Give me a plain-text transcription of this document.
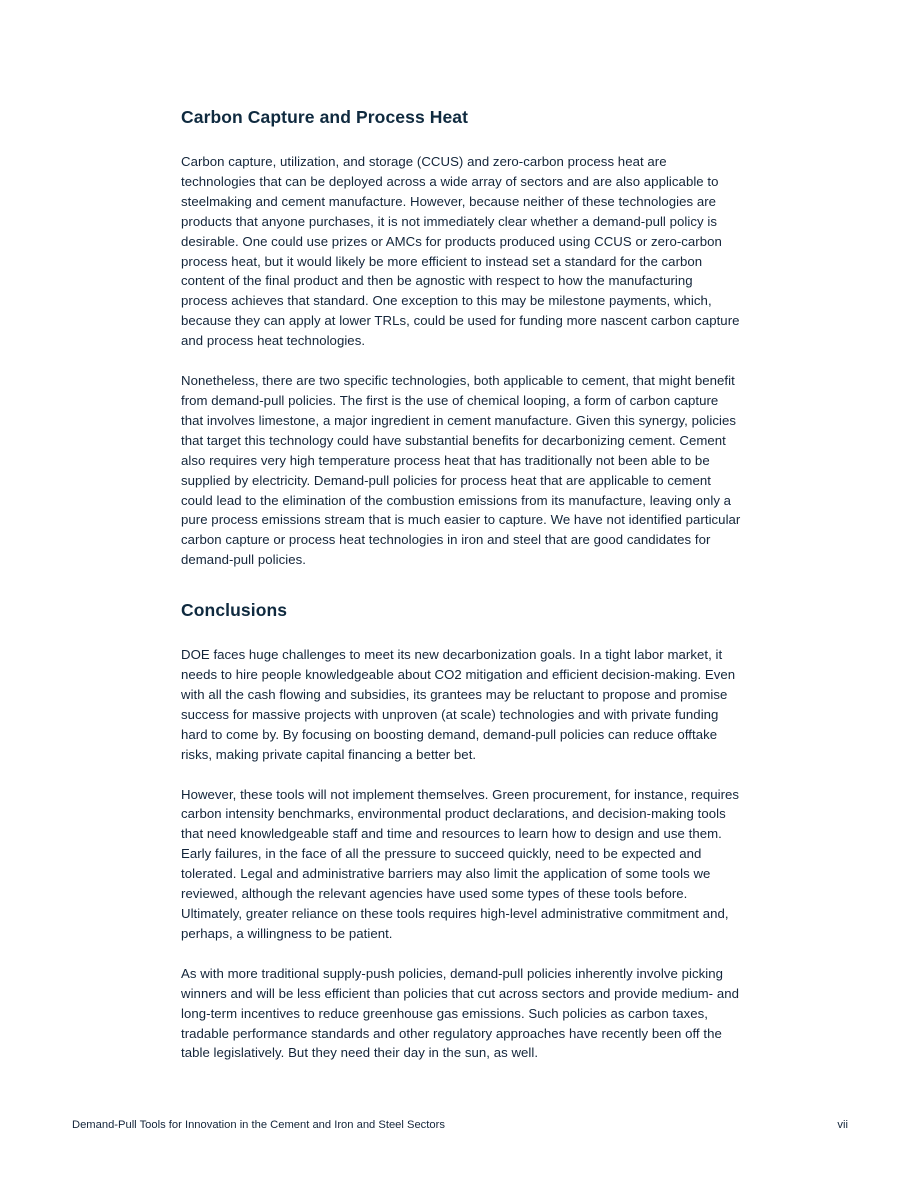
Carbon Capture and Process Heat

Carbon capture, utilization, and storage (CCUS) and zero-carbon process heat are technologies that can be deployed across a wide array of sectors and are also applicable to steelmaking and cement manufacture. However, because neither of these technologies are products that anyone purchases, it is not immediately clear whether a demand-pull policy is desirable. One could use prizes or AMCs for products produced using CCUS or zero-carbon process heat, but it would likely be more efficient to instead set a standard for the carbon content of the final product and then be agnostic with respect to how the manufacturing process achieves that standard. One exception to this may be milestone payments, which, because they can apply at lower TRLs, could be used for funding more nascent carbon capture and process heat technologies.

Nonetheless, there are two specific technologies, both applicable to cement, that might benefit from demand-pull policies. The first is the use of chemical looping, a form of carbon capture that involves limestone, a major ingredient in cement manufacture. Given this synergy, policies that target this technology could have substantial benefits for decarbonizing cement. Cement also requires very high temperature process heat that has traditionally not been able to be supplied by electricity. Demand-pull policies for process heat that are applicable to cement could lead to the elimination of the combustion emissions from its manufacture, leaving only a pure process emissions stream that is much easier to capture. We have not identified particular carbon capture or process heat technologies in iron and steel that are good candidates for demand-pull policies.

Conclusions

DOE faces huge challenges to meet its new decarbonization goals. In a tight labor market, it needs to hire people knowledgeable about CO2 mitigation and efficient decision-making. Even with all the cash flowing and subsidies, its grantees may be reluctant to propose and promise success for massive projects with unproven (at scale) technologies and with private funding hard to come by. By focusing on boosting demand, demand-pull policies can reduce offtake risks, making private capital financing a better bet.

However, these tools will not implement themselves. Green procurement, for instance, requires carbon intensity benchmarks, environmental product declarations, and decision-making tools that need knowledgeable staff and time and resources to learn how to design and use them. Early failures, in the face of all the pressure to succeed quickly, need to be expected and tolerated. Legal and administrative barriers may also limit the application of some tools we reviewed, although the relevant agencies have used some types of these tools before. Ultimately, greater reliance on these tools requires high-level administrative commitment and, perhaps, a willingness to be patient.

As with more traditional supply-push policies, demand-pull policies inherently involve picking winners and will be less efficient than policies that cut across sectors and provide medium- and long-term incentives to reduce greenhouse gas emissions. Such policies as carbon taxes, tradable performance standards and other regulatory approaches have recently been off the table legislatively. But they need their day in the sun, as well.

Demand-Pull Tools for Innovation in the Cement and Iron and Steel Sectors	vii
